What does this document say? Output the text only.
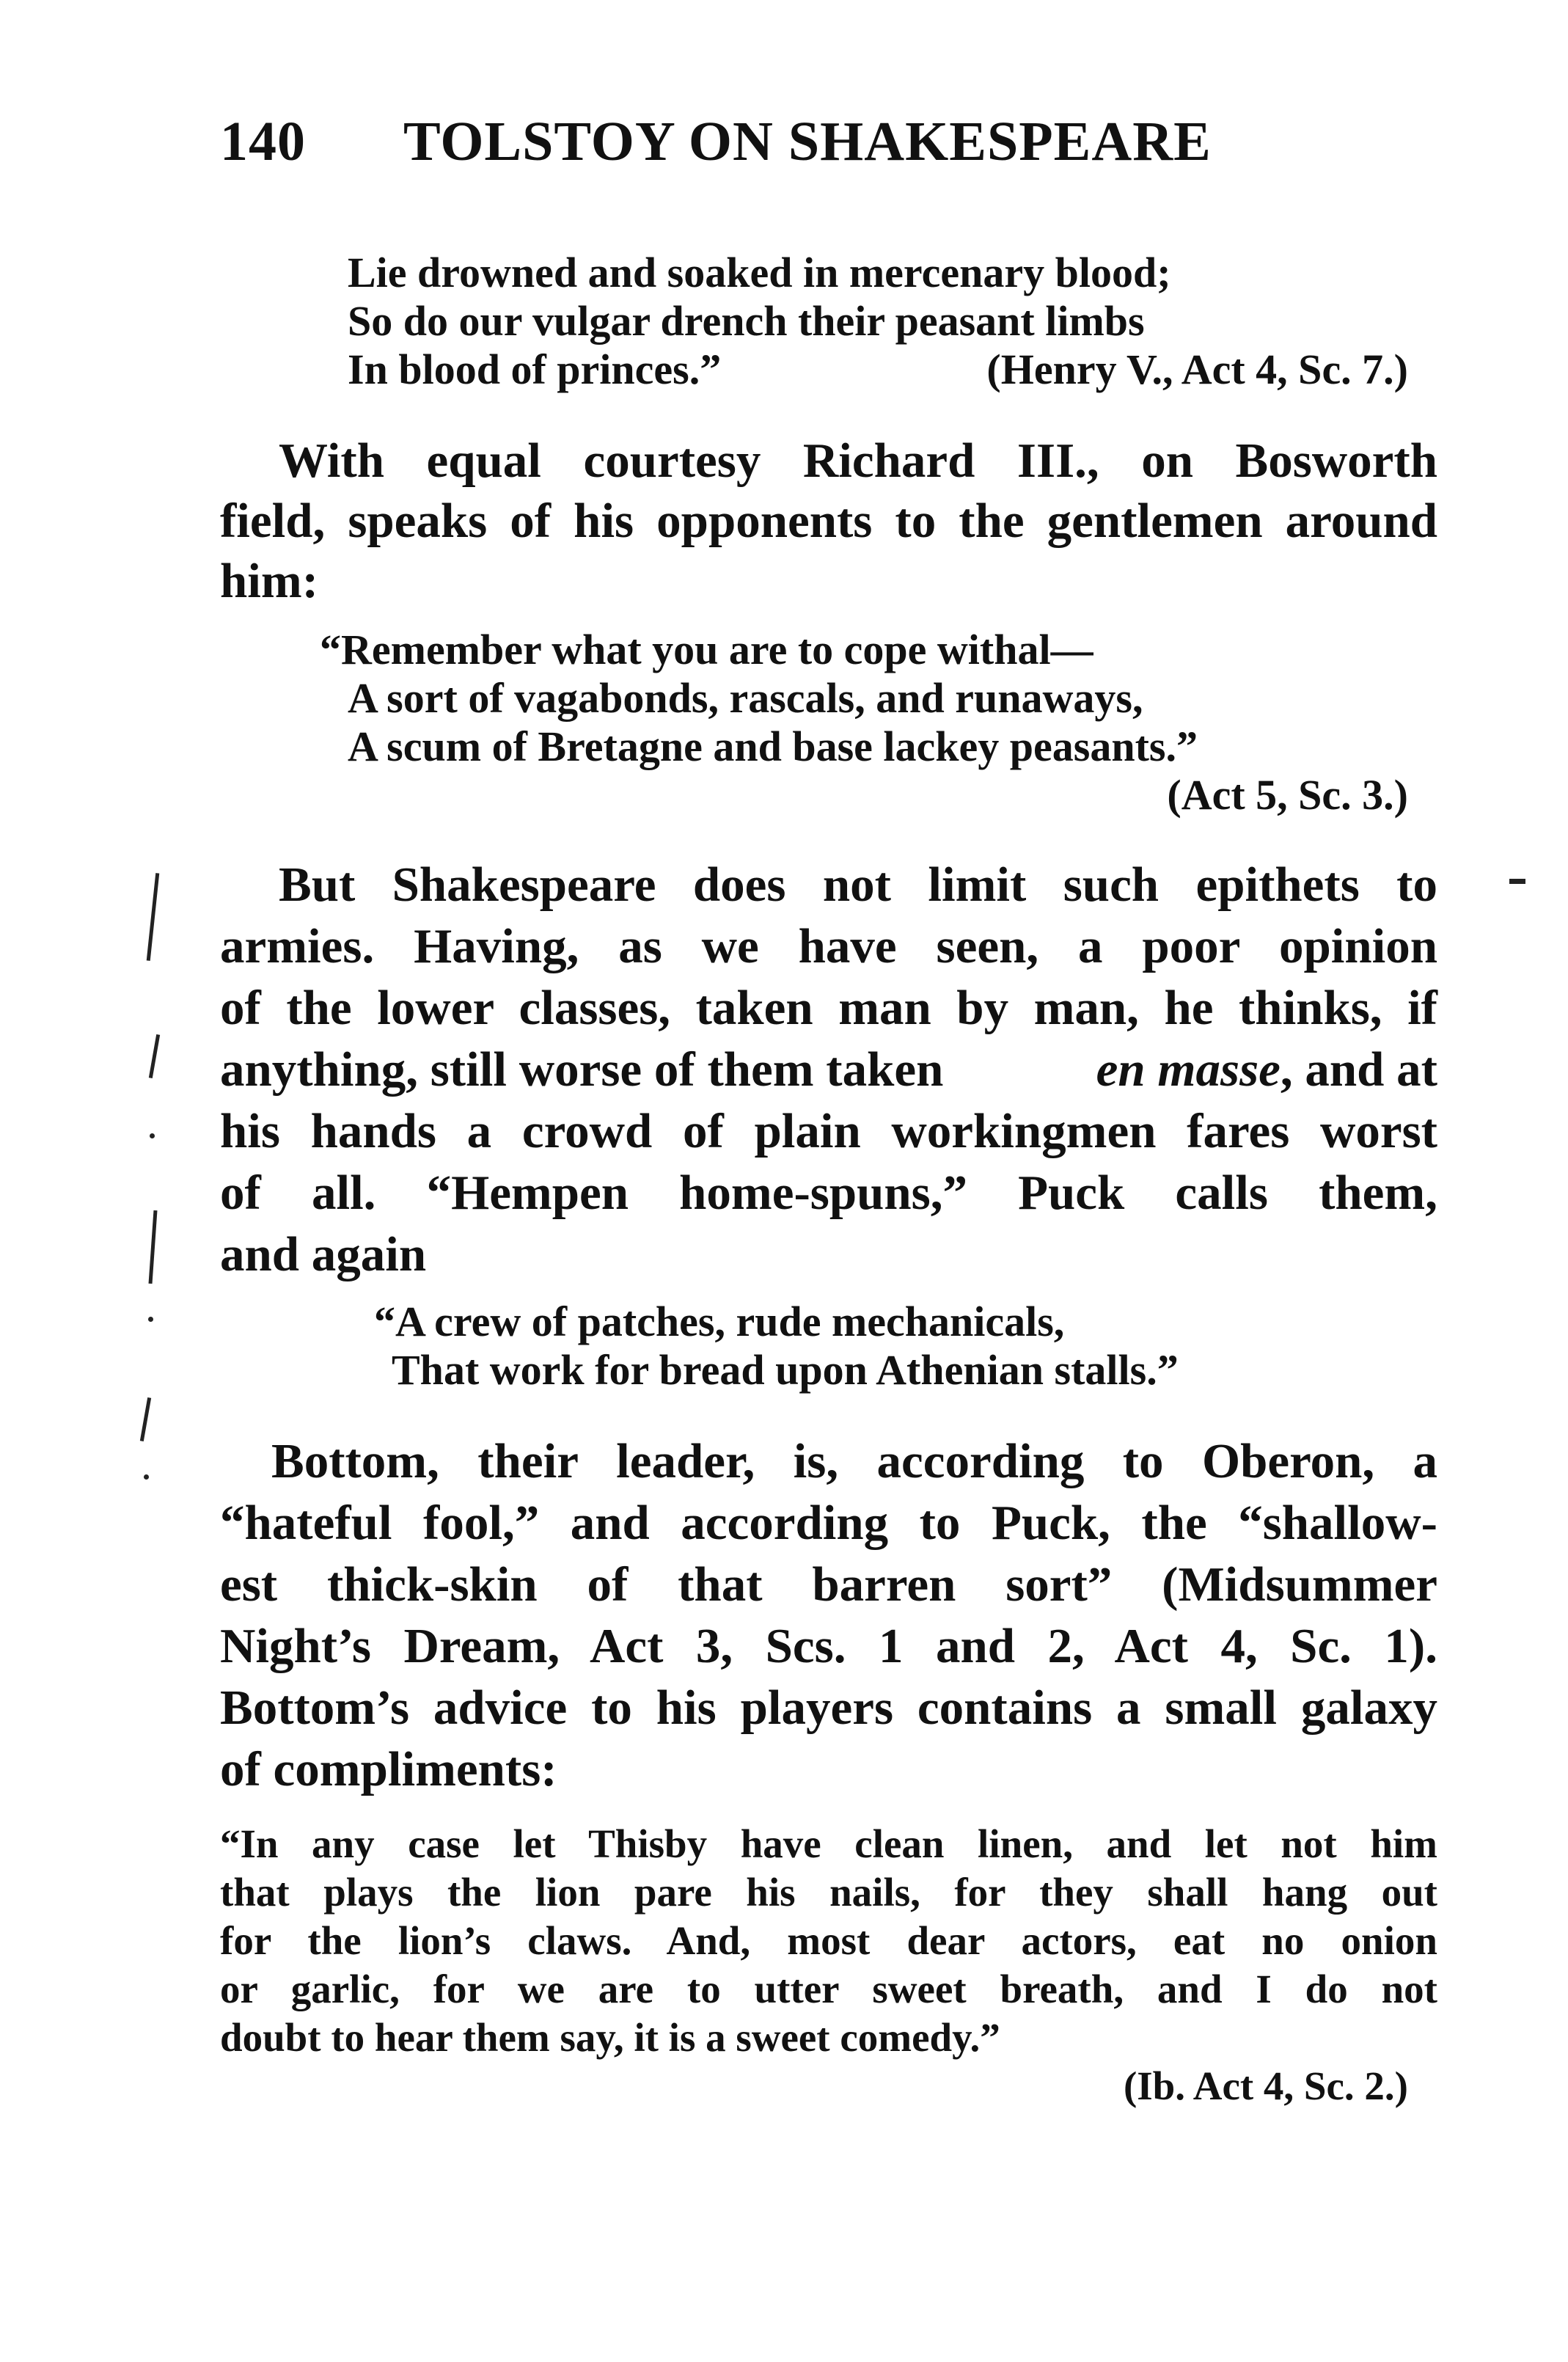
140 TOLSTOY ON SHAKESPEARE
Lie drowned and soaked in mercenary blood;
So do our vulgar drench their peasant limbs
In blood of princes.”	(Henry V., Act 4, Sc. 7.)
With equal courtesy Richard III., on Bosworth
field, speaks of his opponents to the gentlemen around
him:
“Remember what you are to cope withal—
A sort of vagabonds, rascals, and runaways,
A scum of Bretagne and base lackey peasants.”
(Act 5, Sc. 3.)
But Shakespeare does not limit such epithets to
armies. Having, as we have seen, a poor opinion
of the lower classes, taken man by man, he thinks, if
anything, still worse of them taken	en masse , and at
his hands a crowd of plain workingmen fares worst
of all. “Hempen home-spuns,” Puck calls them,
and again
“A crew of patches, rude mechanicals,
That work for bread upon Athenian stalls.”
Bottom, their leader, is, according to Oberon, a
“hateful fool,” and according to Puck, the “shallow-
est thick-skin of that barren sort” (Midsummer
Night’s Dream, Act 3, Scs. 1 and 2, Act 4, Sc. 1).
Bottom’s advice to his players contains a small galaxy
of compliments:
“In any case let Thisby have clean linen, and let not him
that plays the lion pare his nails, for they shall hang out
for the lion’s claws. And, most dear actors, eat no onion
or garlic, for we are to utter sweet breath, and I do not
doubt to hear them say, it is a sweet comedy.”
(Ib. Act 4, Sc. 2.)
